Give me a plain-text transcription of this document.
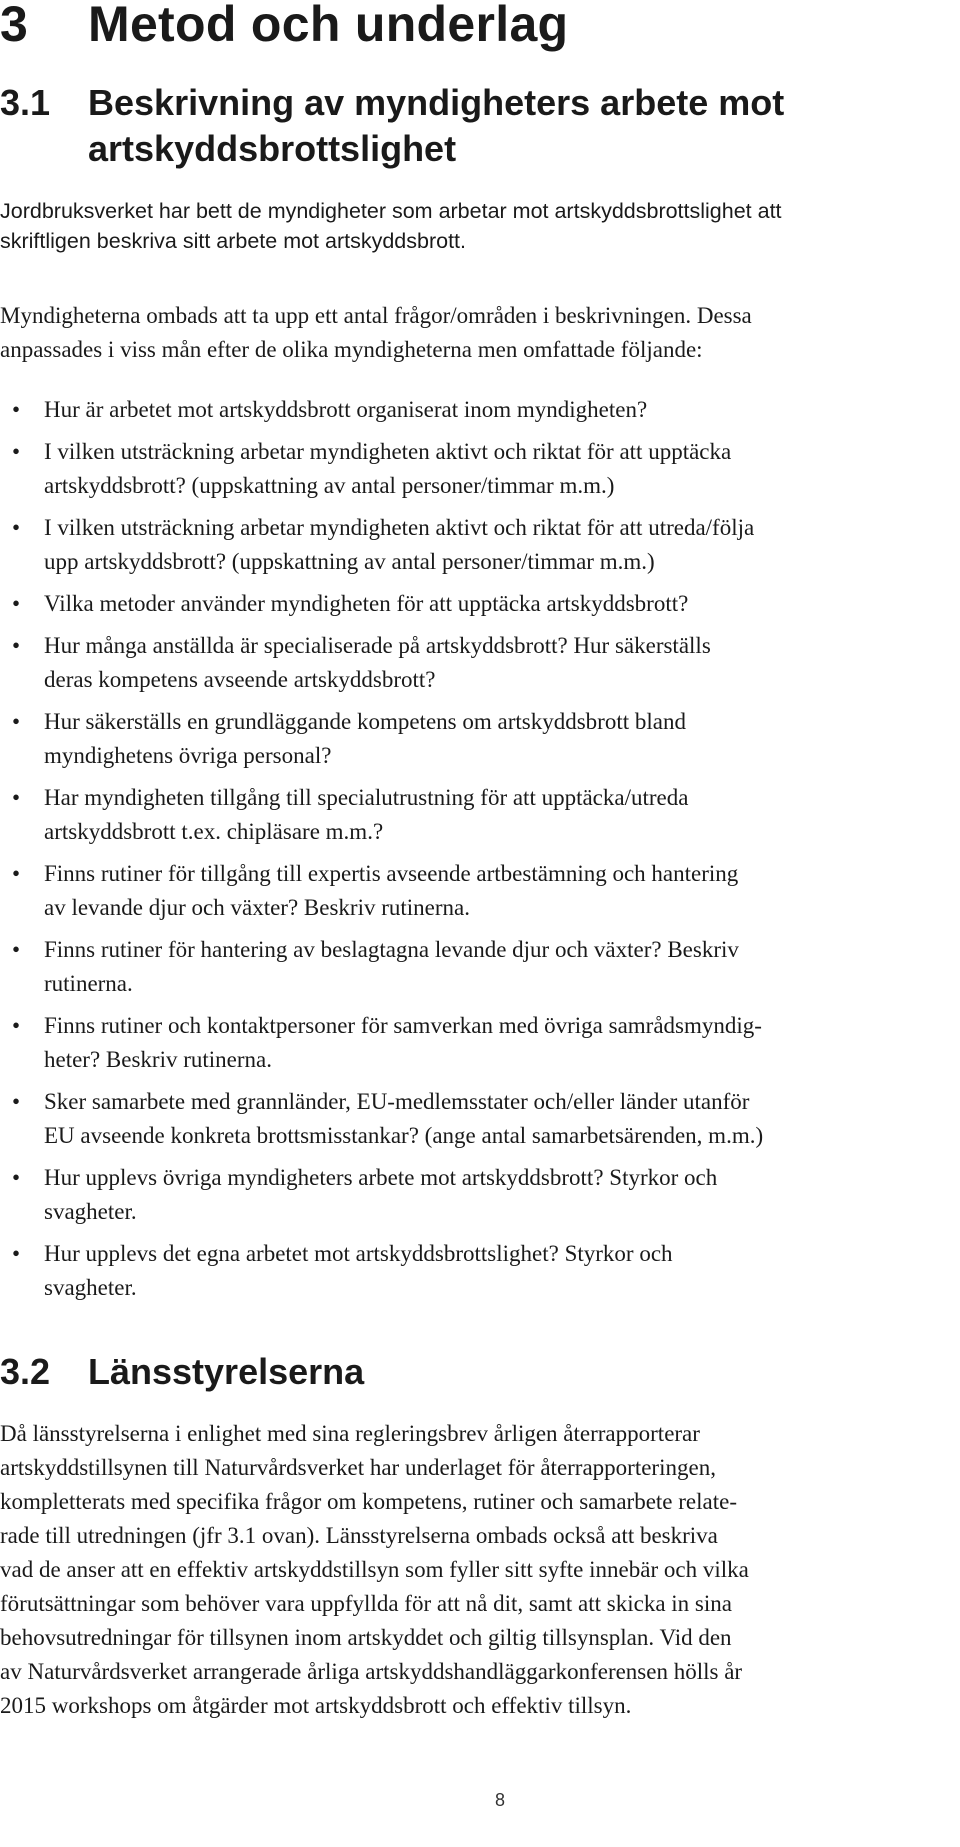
3 Metod och underlag
3.1 Beskrivning av myndigheters arbete mot
artskyddsbrottslighet

Jordbruksverket har bett de myndigheter som arbetar mot artskyddsbrottslighet att
skriftligen beskriva sitt arbete mot artskyddsbrott.

Myndigheterna ombads att ta upp ett antal frågor/områden i beskrivningen. Dessa
anpassades i viss mån efter de olika myndigheterna men omfattade följande:

• Hur är arbetet mot artskyddsbrott organiserat inom myndigheten?
• I vilken utsträckning arbetar myndigheten aktivt och riktat för att upptäcka
artskyddsbrott? (uppskattning av antal personer/timmar m.m.)
• I vilken utsträckning arbetar myndigheten aktivt och riktat för att utreda/följa
upp artskyddsbrott? (uppskattning av antal personer/timmar m.m.)
• Vilka metoder använder myndigheten för att upptäcka artskyddsbrott?
• Hur många anställda är specialiserade på artskyddsbrott? Hur säkerställs
deras kompetens avseende artskyddsbrott?
• Hur säkerställs en grundläggande kompetens om artskyddsbrott bland
myndighetens övriga personal?
• Har myndigheten tillgång till specialutrustning för att upptäcka/utreda
artskyddsbrott t.ex. chipläsare m.m.?
• Finns rutiner för tillgång till expertis avseende artbestämning och hantering
av levande djur och växter? Beskriv rutinerna.
• Finns rutiner för hantering av beslagtagna levande djur och växter? Beskriv
rutinerna.
• Finns rutiner och kontaktpersoner för samverkan med övriga samrådsmyndig-
heter? Beskriv rutinerna.
• Sker samarbete med grannländer, EU-medlemsstater och/eller länder utanför
EU avseende konkreta brottsmisstankar? (ange antal samarbetsärenden, m.m.)
• Hur upplevs övriga myndigheters arbete mot artskyddsbrott? Styrkor och
svagheter.
• Hur upplevs det egna arbetet mot artskyddsbrottslighet? Styrkor och
svagheter.
3.2 Länsstyrelserna

Då länsstyrelserna i enlighet med sina regleringsbrev årligen återrapporterar
artskyddstillsynen till Naturvårdsverket har underlaget för återrapporteringen,
kompletterats med specifika frågor om kompetens, rutiner och samarbete relate-
rade till utredningen (jfr 3.1 ovan). Länsstyrelserna ombads också att beskriva
vad de anser att en effektiv artskyddstillsyn som fyller sitt syfte innebär och vilka
förutsättningar som behöver vara uppfyllda för att nå dit, samt att skicka in sina
behovsutredningar för tillsynen inom artskyddet och giltig tillsynsplan. Vid den
av Naturvårdsverket arrangerade årliga artskyddshandläggarkonferensen hölls år
2015 workshops om åtgärder mot artskyddsbrott och effektiv tillsyn.

8
